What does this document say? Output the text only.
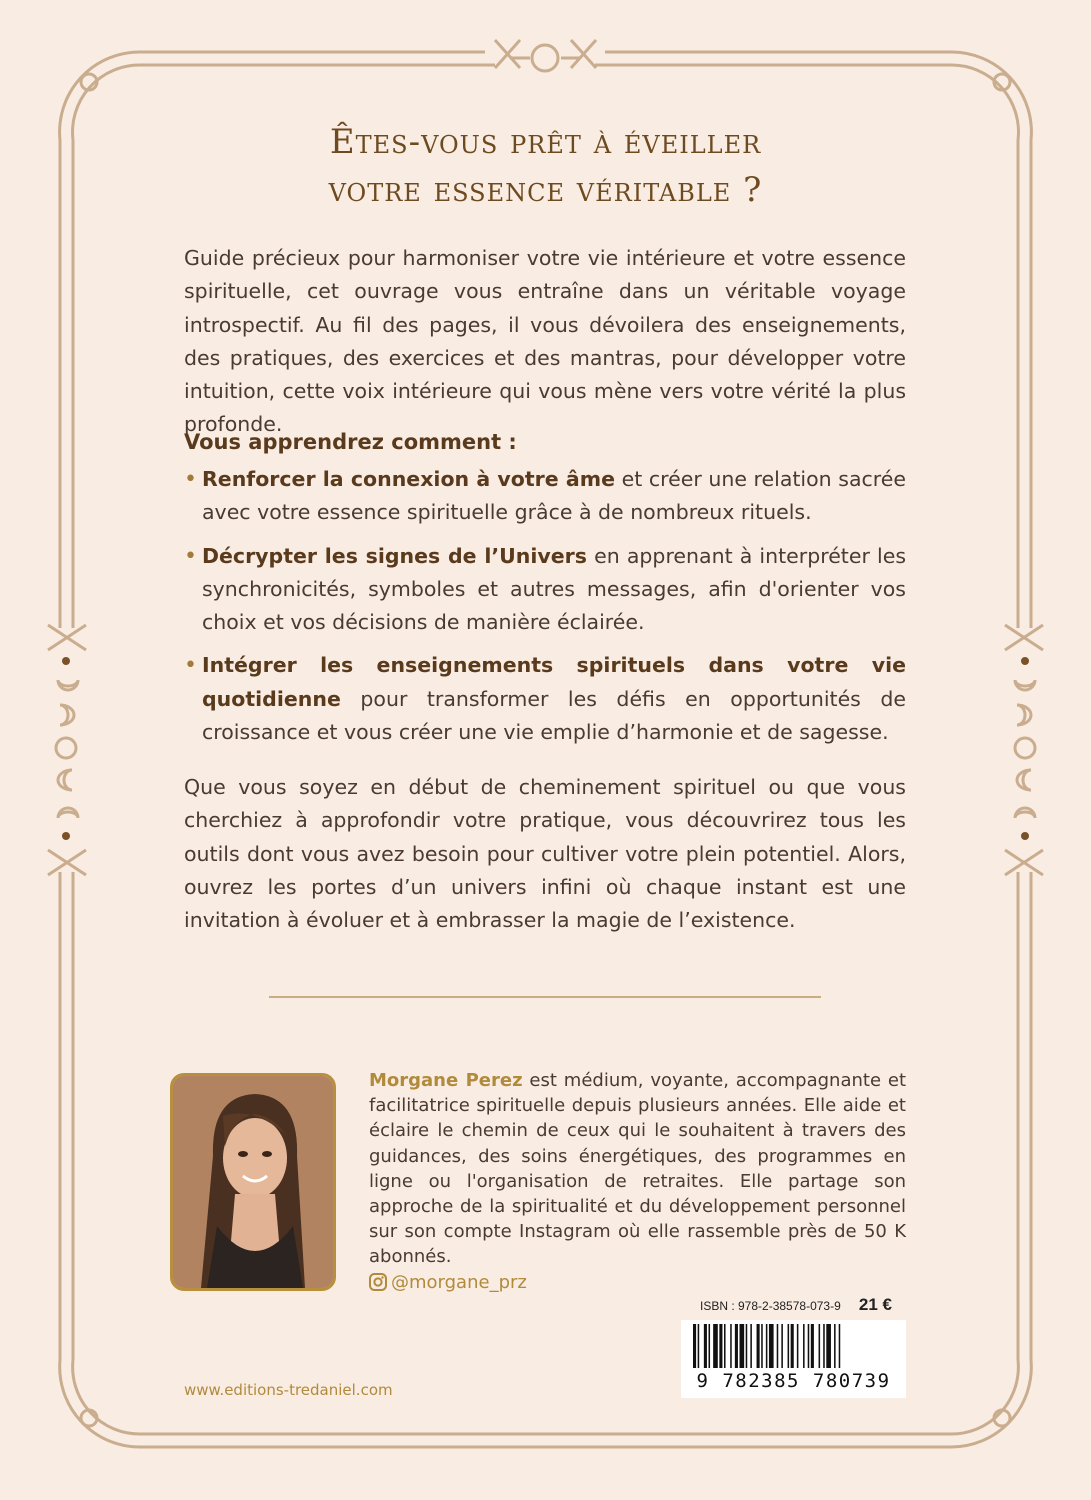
Êtes-vous prêt à éveiller
votre essence véritable ?

Guide précieux pour harmoniser votre vie intérieure et votre essence spirituelle, cet ouvrage vous entraîne dans un véritable voyage introspectif. Au fil des pages, il vous dévoilera des enseignements, des pratiques, des exercices et des mantras, pour développer votre intuition, cette voix intérieure qui vous mène vers votre vérité la plus profonde.

Vous apprendrez comment :

• Renforcer la connexion à votre âme et créer une relation sacrée avec votre essence spirituelle grâce à de nombreux rituels.
• Décrypter les signes de l’Univers en apprenant à interpréter les synchronicités, symboles et autres messages, afin d'orienter vos choix et vos décisions de manière éclairée.
• Intégrer les enseignements spirituels dans votre vie quotidienne pour transformer les défis en opportunités de croissance et vous créer une vie emplie d’harmonie et de sagesse.

Que vous soyez en début de cheminement spirituel ou que vous cherchiez à approfondir votre pratique, vous découvrirez tous les outils dont vous avez besoin pour cultiver votre plein potentiel. Alors, ouvrez les portes d’un univers infini où chaque instant est une invitation à évoluer et à embrasser la magie de l’existence.

Morgane Perez est médium, voyante, accompagnante et facilitatrice spirituelle depuis plusieurs années. Elle aide et éclaire le chemin de ceux qui le souhaitent à travers des guidances, des soins énergétiques, des programmes en ligne ou l'organisation de retraites. Elle partage son approche de la spiritualité et du développement personnel sur son compte Instagram où elle rassemble près de 50 K abonnés.

@morgane_prz
ISBN : 978-2-38578-073-9 21 €
9 782385 780739
www.editions-tredaniel.com
